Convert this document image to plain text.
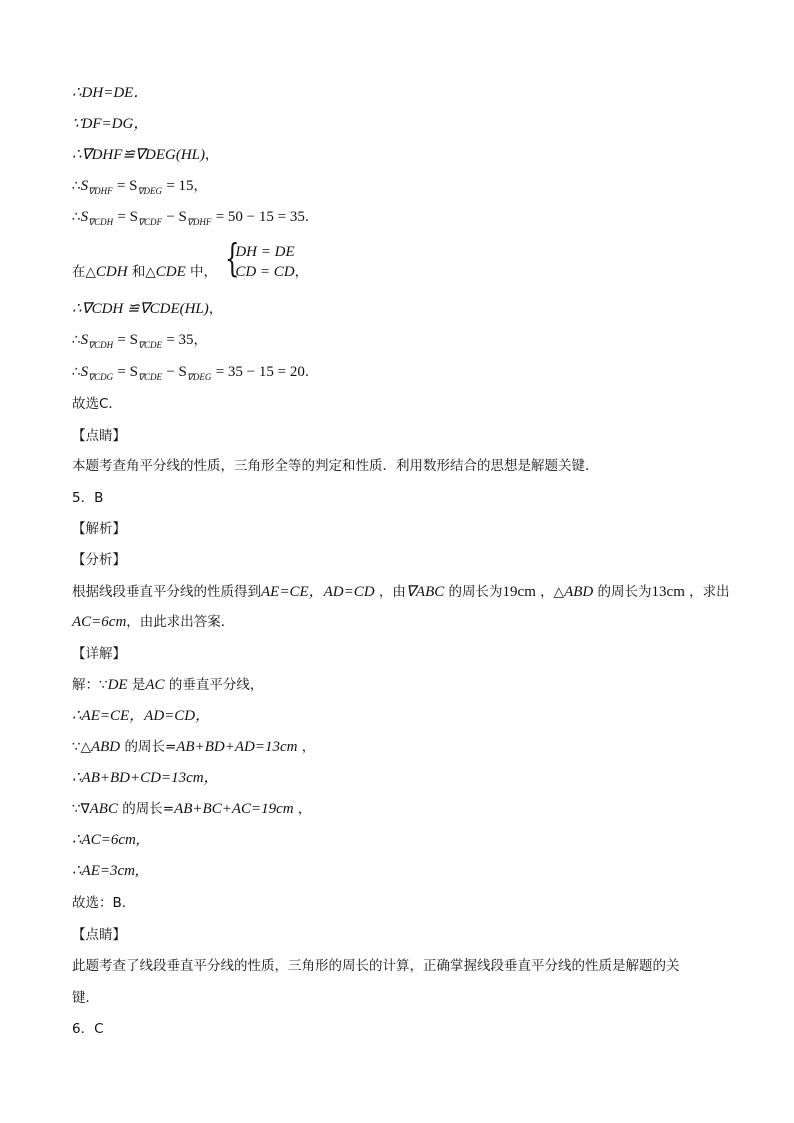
∴DH=DE．
∵DF=DG，
∴∇DHF≌∇DEG(HL)，
$\therefore S_{\nabla DHF} = S_{\nabla DEG} = 15$，
$\therefore S_{\nabla CDH} = S_{\nabla CDF} - S_{\nabla DHF} = 50 - 15 = 35$．
在△CDH 和△CDE 中， {
DH = DE
CD = CD ，
∴∇CDH ≌∇CDE(HL)，
$\therefore S_{\nabla CDH} = S_{\nabla CDE} = 35$，
$\therefore S_{\nabla CDG} = S_{\nabla CDE} - S_{\nabla DEG} = 35 - 15 = 20$．
故选C．
【点睛】
本题考查角平分线的性质，三角形全等的判定和性质．利用数形结合的思想是解题关键．
5．B
【解析】
【分析】
根据线段垂直平分线的性质得到AE=CE，AD=CD ，由∇ABC 的周长为19cm ，△ABD 的周长为13cm ，求出
AC=6cm，由此求出答案．
【详解】
解：∵DE 是AC 的垂直平分线，
∴AE=CE，AD=CD，
∵△ABD 的周长=AB+BD+AD=13cm ，
∴AB+BD+CD=13cm，
∵∇ABC 的周长=AB+BC+AC=19cm ，
∴AC=6cm,
∴AE=3cm,
故选：B．
【点睛】
此题考查了线段垂直平分线的性质，三角形的周长的计算，正确掌握线段垂直平分线的性质是解题的关
键．
6．C
